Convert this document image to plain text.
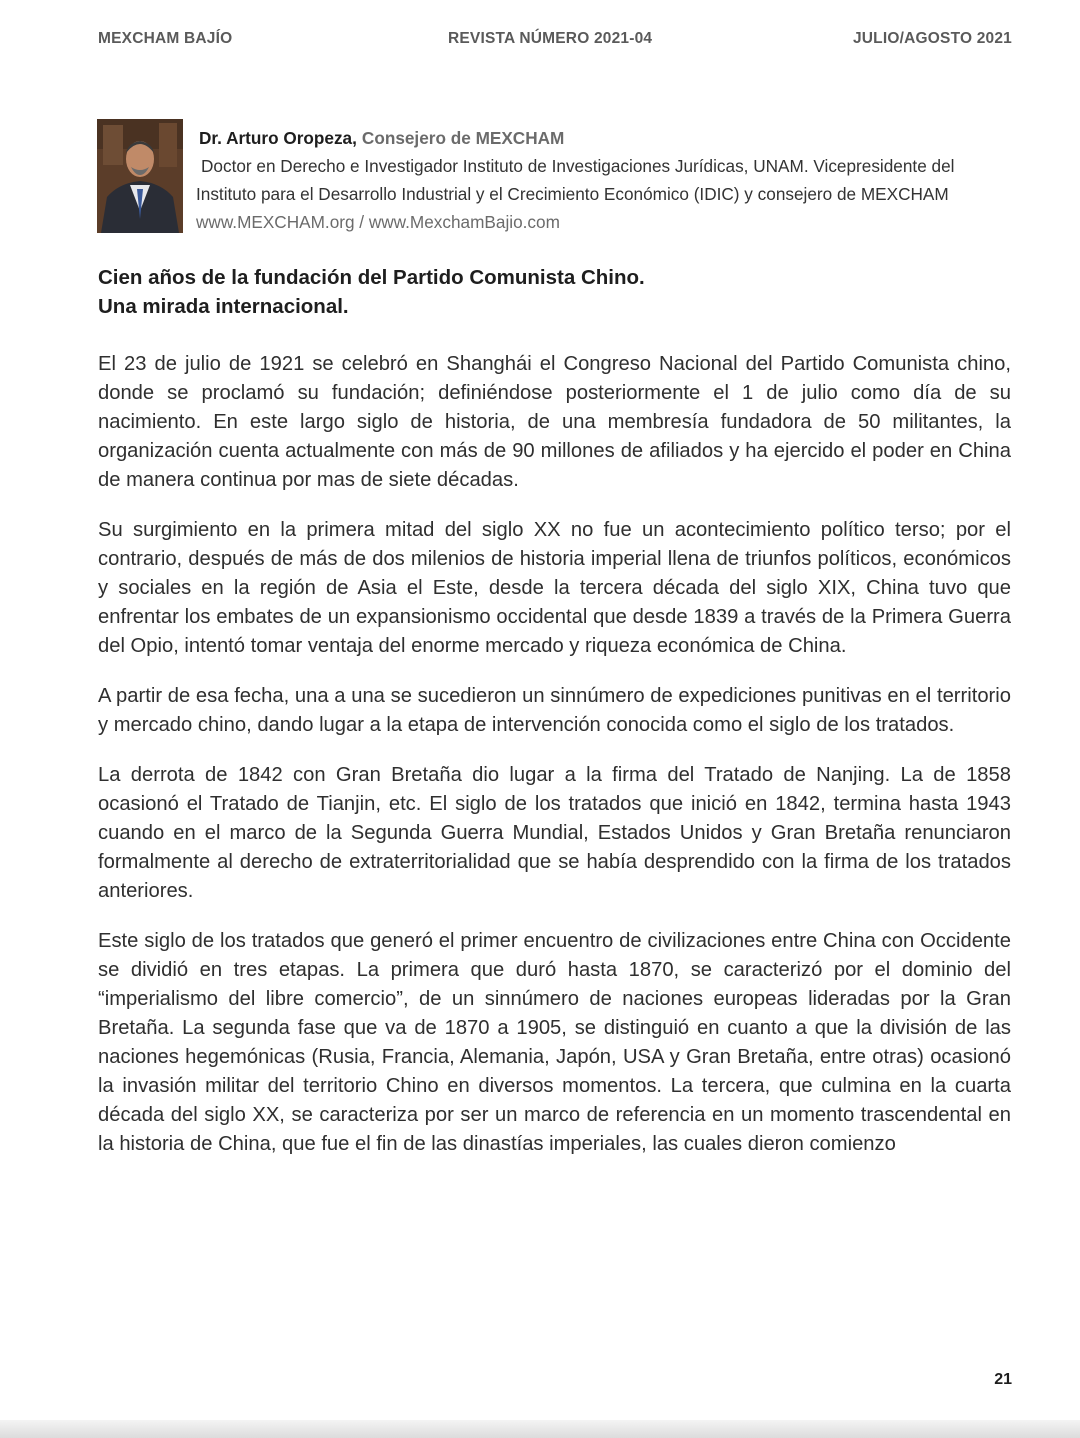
MEXCHAM BAJÍO	REVISTA NÚMERO 2021-04	JULIO/AGOSTO 2021
Dr. Arturo Oropeza, Consejero de MEXCHAM
Doctor en Derecho e Investigador Instituto de Investigaciones Jurídicas, UNAM. Vicepresidente del
Instituto para el Desarrollo Industrial y el Crecimiento Económico (IDIC) y consejero de MEXCHAM
www.MEXCHAM.org / www.MexchamBajio.com
Cien años de la fundación del Partido Comunista Chino.
Una mirada internacional.

El 23 de julio de 1921 se celebró en Shanghái el Congreso Nacional del Partido Comunista chino, donde se proclamó su fundación; definiéndose posteriormente el 1 de julio como día de su nacimiento. En este largo siglo de historia, de una membresía fundadora de 50 militantes, la organización cuenta actualmente con más de 90 millones de afiliados y ha ejercido el poder en China de manera continua por mas de siete décadas.

Su surgimiento en la primera mitad del siglo XX no fue un acontecimiento político terso; por el contrario, después de más de dos milenios de historia imperial llena de triunfos políticos, económicos y sociales en la región de Asia el Este, desde la tercera década del siglo XIX, China tuvo que enfrentar los embates de un expansionismo occidental que desde 1839 a través de la Primera Guerra del Opio, intentó tomar ventaja del enorme mercado y riqueza económica de China.

A partir de esa fecha, una a una se sucedieron un sinnúmero de expediciones punitivas en el territorio y mercado chino, dando lugar a la etapa de intervención conocida como el siglo de los tratados.

La derrota de 1842 con Gran Bretaña dio lugar a la firma del Tratado de Nanjing. La de 1858 ocasionó el Tratado de Tianjin, etc. El siglo de los tratados que inició en 1842, termina hasta 1943 cuando en el marco de la Segunda Guerra Mundial, Estados Unidos y Gran Bretaña renunciaron formalmente al derecho de extraterritorialidad que se había desprendido con la firma de los tratados anteriores.

Este siglo de los tratados que generó el primer encuentro de civilizaciones entre China con Occidente se dividió en tres etapas. La primera que duró hasta 1870, se caracterizó por el dominio del “imperialismo del libre comercio”, de un sinnúmero de naciones europeas lideradas por la Gran Bretaña. La segunda fase que va de 1870 a 1905, se distinguió en cuanto a que la división de las naciones hegemónicas (Rusia, Francia, Alemania, Japón, USA y Gran Bretaña, entre otras) ocasionó la invasión militar del territorio Chino en diversos momentos. La tercera, que culmina en la cuarta década del siglo XX, se caracteriza por ser un marco de referencia en un momento trascendental en la historia de China, que fue el fin de las dinastías imperiales, las cuales dieron comienzo

21
